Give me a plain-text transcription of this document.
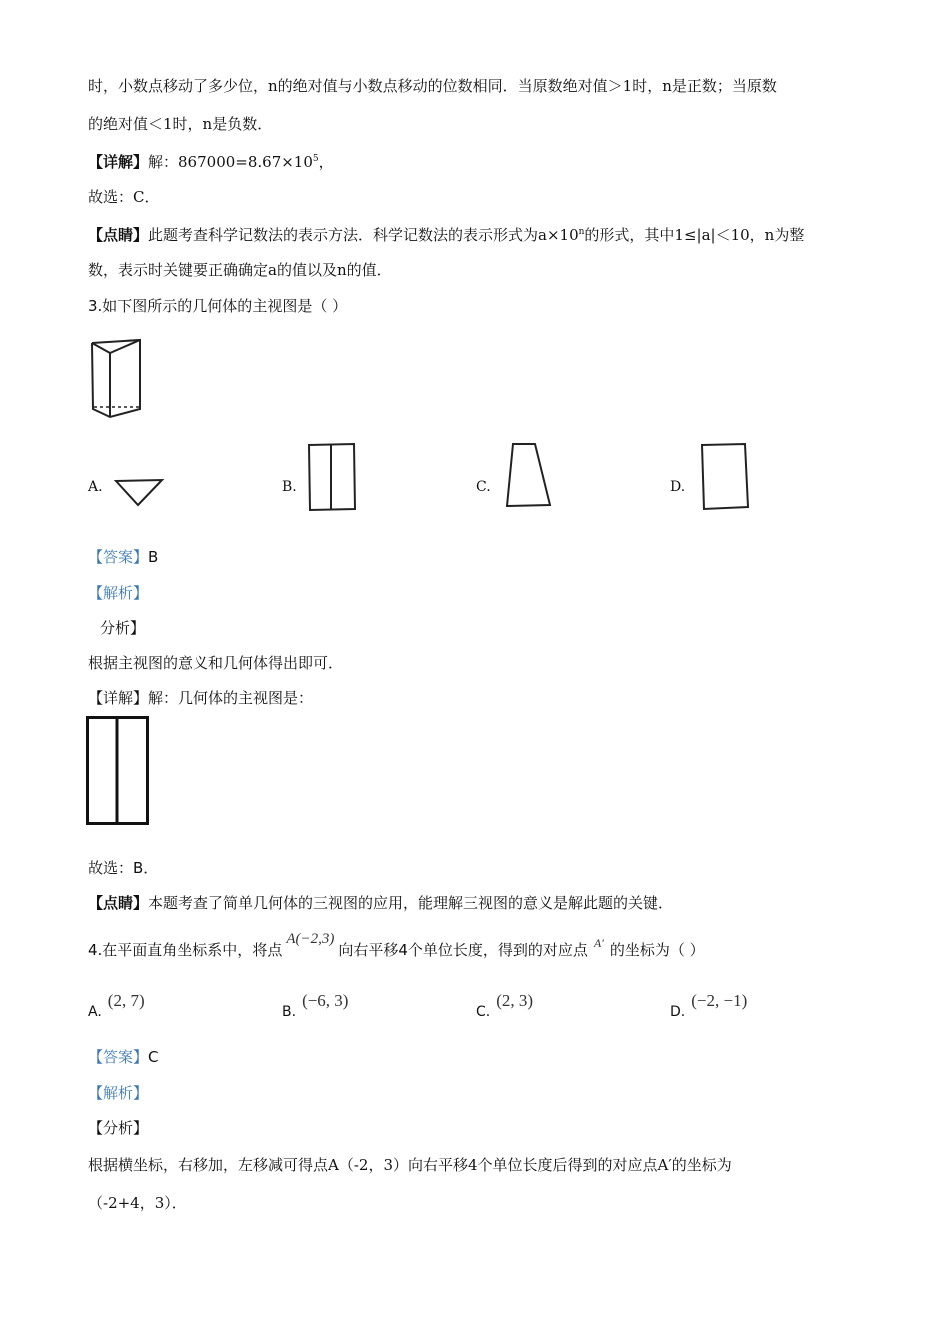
时，小数点移动了多少位，n的绝对值与小数点移动的位数相同．当原数绝对值＞1时，n是正数；当原数
的绝对值＜1时，n是负数．
【详解】解：$867000=8.67\times 10^5$，
故选：C．
【点睛】此题考查科学记数法的表示方法．科学记数法的表示形式为$a\times 10^n$的形式，其中1≤|a|＜10，n为整
数，表示时关键要正确确定a的值以及n的值．
3.如下图所示的几何体的主视图是（ ）
A.	B.	C.	D.
【答案】B
【解析】
分析】
根据主视图的意义和几何体得出即可．
【详解】解：几何体的主视图是：
故选：B．
【点睛】本题考查了简单几何体的三视图的应用，能理解三视图的意义是解此题的关键．
4.在平面直角坐标系中，将点A(−2,3)向右平移4个单位长度，得到的对应点 $^{A'}$ 的坐标为（ ）
A.(2, 7)
B.(−6, 3)
C.(2, 3)
D.(−2, −1)
【答案】C
【解析】
【分析】
根据横坐标，右移加，左移减可得点A（-2，3）向右平移4个单位长度后得到的对应点A′的坐标为
（-2+4，3）．
